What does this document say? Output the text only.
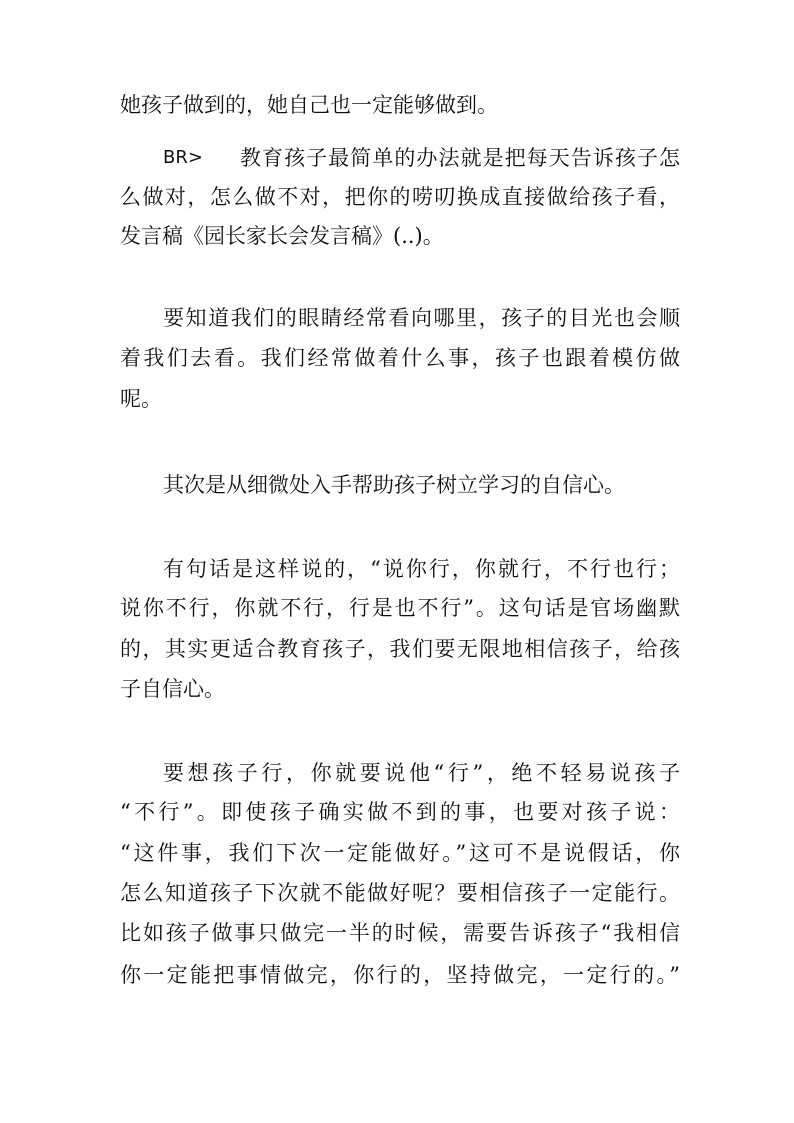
她孩子做到的，她自己也一定能够做到。
BR> 教育孩子最简单的办法就是把每天告诉孩子怎
么做对，怎么做不对，把你的唠叨换成直接做给孩子看，
发言稿《园长家长会发言稿》(..)。
要知道我们的眼睛经常看向哪里，孩子的目光也会顺
着我们去看。我们经常做着什么事，孩子也跟着模仿做
呢。
其次是从细微处入手帮助孩子树立学习的自信心。
有句话是这样说的，“说你行，你就行，不行也行；
说你不行，你就不行，行是也不行”。这句话是官场幽默
的，其实更适合教育孩子，我们要无限地相信孩子，给孩
子自信心。
要想孩子行，你就要说他“行”，绝不轻易说孩子
“不行”。即使孩子确实做不到的事，也要对孩子说：
“这件事，我们下次一定能做好。”这可不是说假话，你
怎么知道孩子下次就不能做好呢？要相信孩子一定能行。
比如孩子做事只做完一半的时候，需要告诉孩子“我相信
你一定能把事情做完，你行的，坚持做完，一定行的。”
